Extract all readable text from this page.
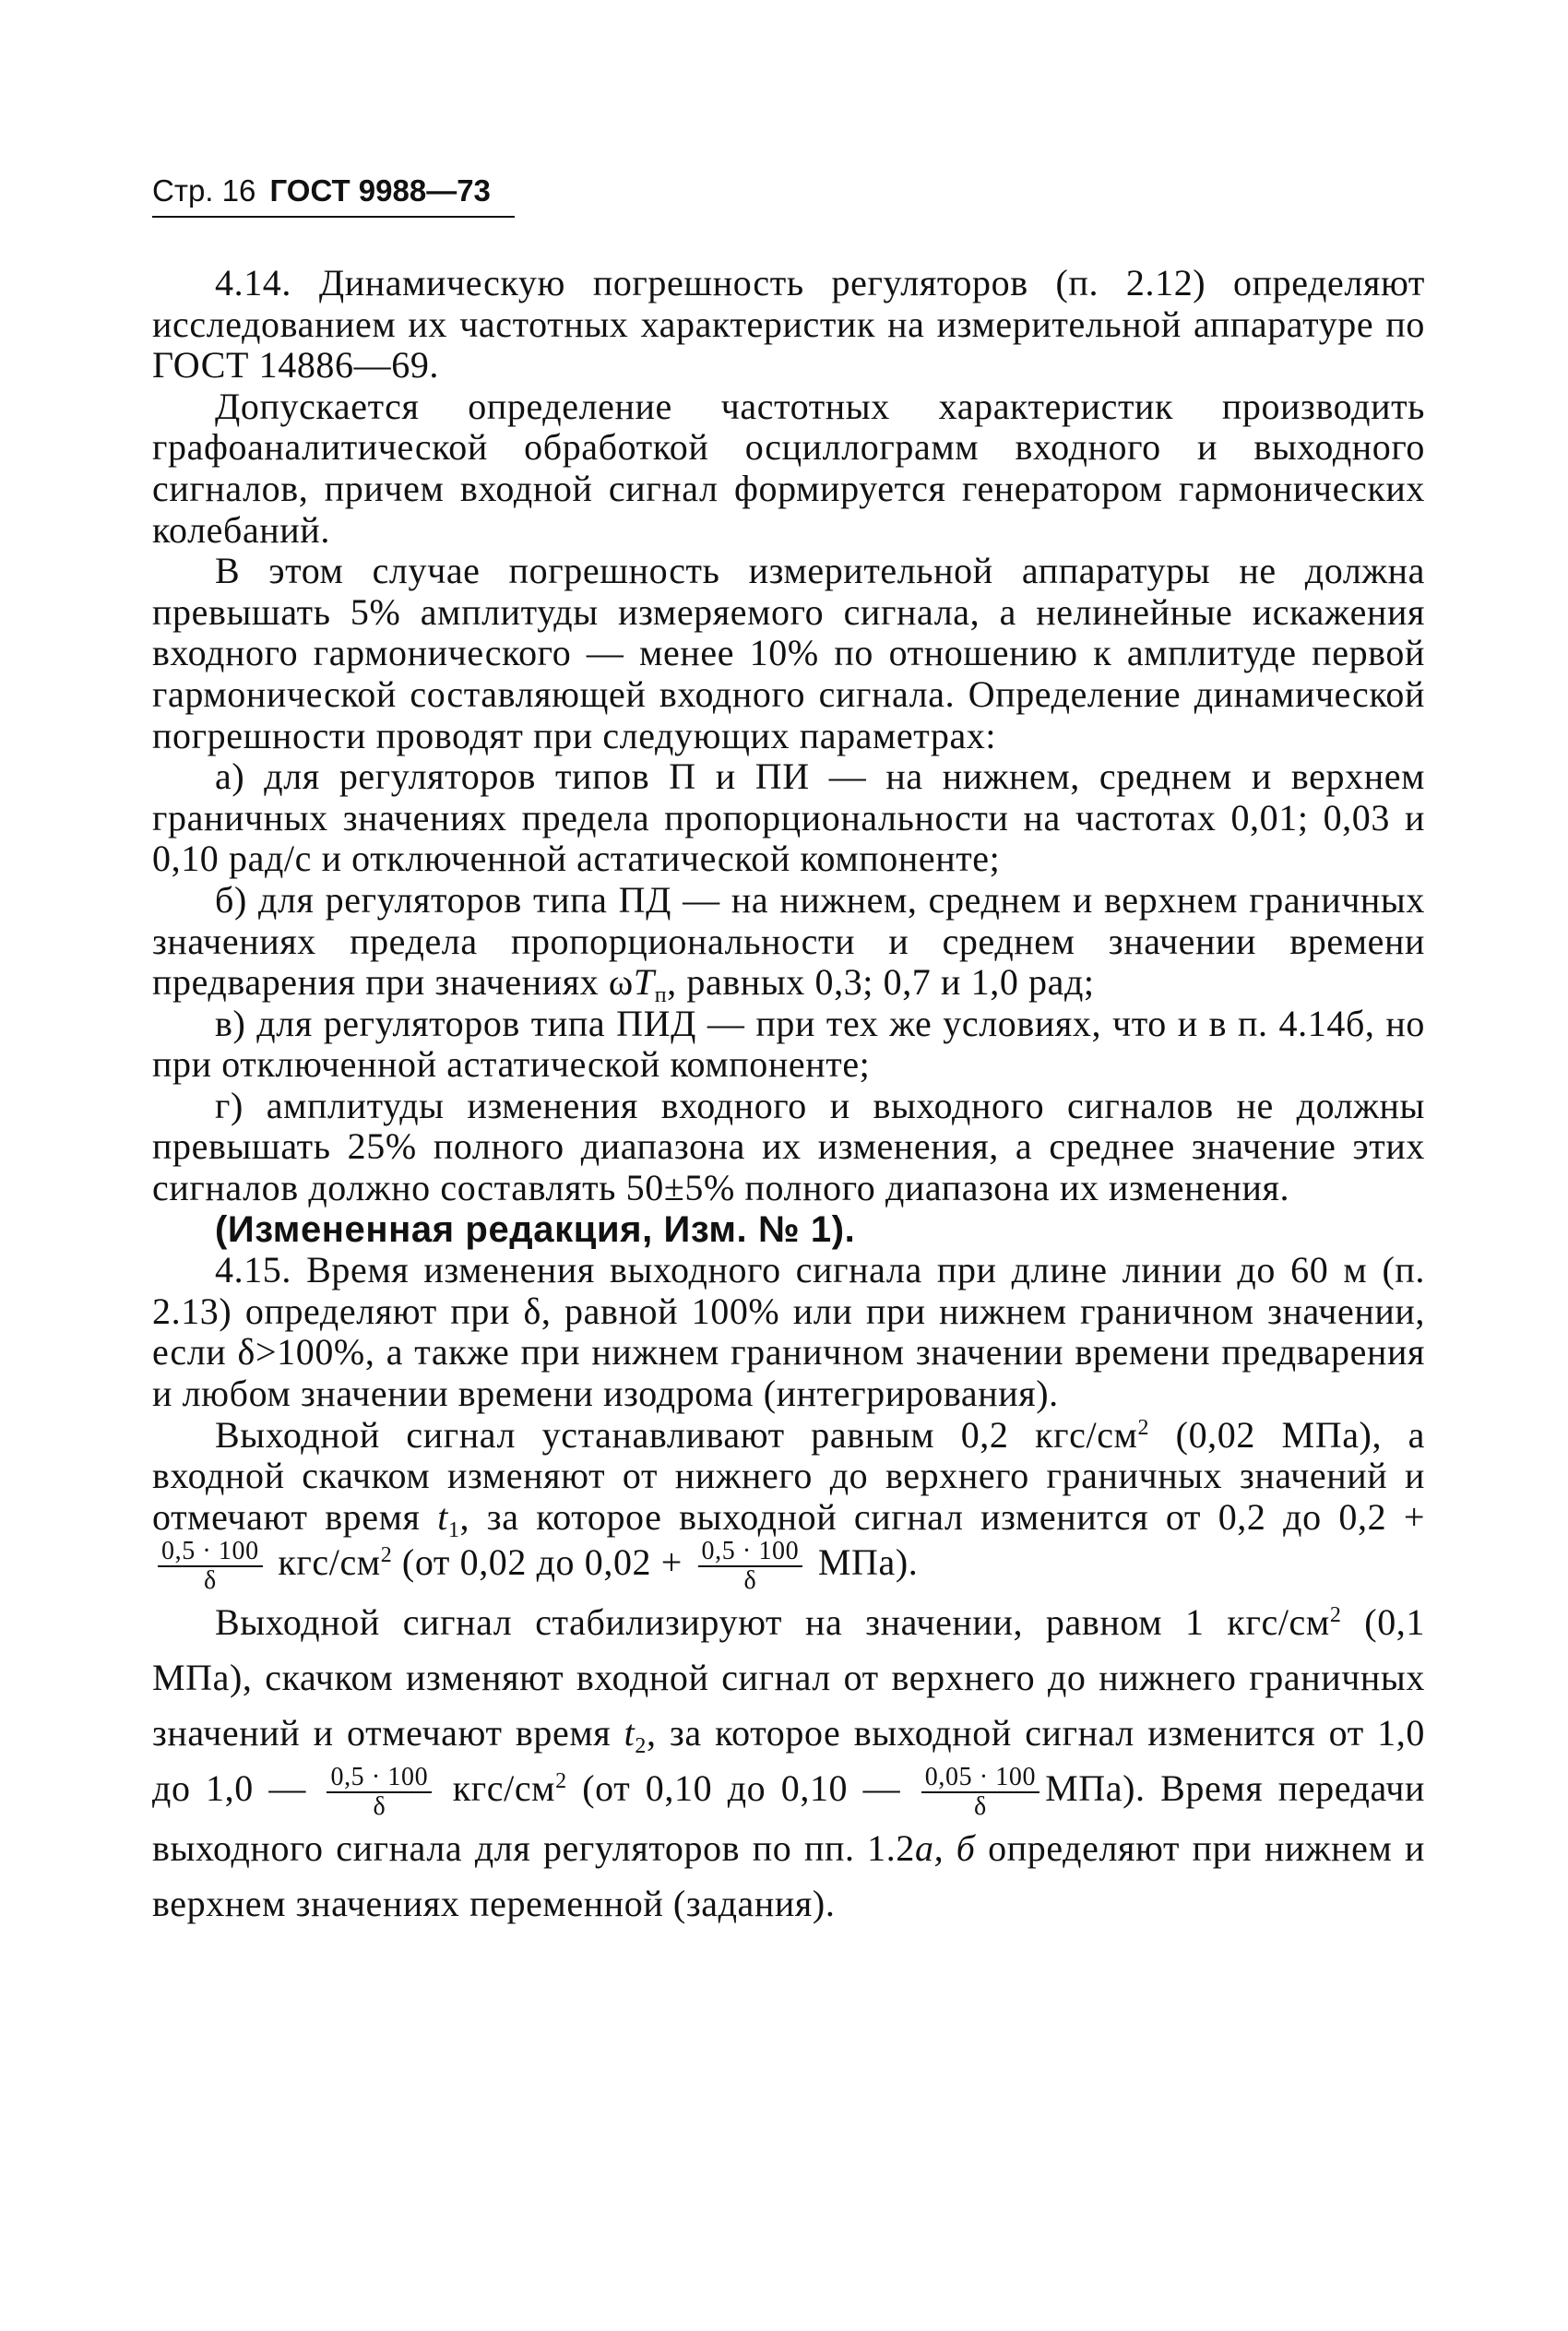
Стр. 16 ГОСТ 9988—73

4.14. Динамическую погрешность регуляторов (п. 2.12) определяют исследованием их частотных характеристик на измерительной аппаратуре по ГОСТ 14886—69.

Допускается определение частотных характеристик производить графоаналитической обработкой осциллограмм входного и выходного сигналов, причем входной сигнал формируется генератором гармонических колебаний.

В этом случае погрешность измерительной аппаратуры не должна превышать 5% амплитуды измеряемого сигнала, а нелинейные искажения входного гармонического — менее 10% по отношению к амплитуде первой гармонической составляющей входного сигнала. Определение динамической погрешности проводят при следующих параметрах:

а) для регуляторов типов П и ПИ — на нижнем, среднем и верхнем граничных значениях предела пропорциональности на частотах 0,01; 0,03 и 0,10 рад/с и отключенной астатической компоненте;

б) для регуляторов типа ПД — на нижнем, среднем и верхнем граничных значениях предела пропорциональности и среднем значении времени предварения при значениях $\omega T_п$, равных 0,3; 0,7 и 1,0 рад;

в) для регуляторов типа ПИД — при тех же условиях, что и в п. 4.14б, но при отключенной астатической компоненте;

г) амплитуды изменения входного и выходного сигналов не должны превышать 25% полного диапазона их изменения, а среднее значение этих сигналов должно составлять 50±5% полного диапазона их изменения.

(Измененная редакция, Изм. № 1).

4.15. Время изменения выходного сигнала при длине линии до 60 м (п. 2.13) определяют при δ, равной 100% или при нижнем граничном значении, если δ>100%, а также при нижнем граничном значении времени предварения и любом значении времени изодрома (интегрирования).

Выходной сигнал устанавливают равным 0,2 кгс/$см^2$ (0,02 МПа), а входной скачком изменяют от нижнего до верхнего граничных значений и отмечают время $t_1$, за которое выходной сигнал изменится от 0,2 до 0,2 +
$\frac{0,5 \cdot 100}{\delta} кгс/см^2$ (от 0,02 до $0,02 + \frac{0,5 \cdot 100}{\delta} МПа$).

Выходной сигнал стабилизируют на значении, равном 1 кгс/$см^2$ (0,1 МПа), скачком изменяют входной сигнал от верхнего до нижнего граничных значений и отмечают время $t_2$, за которое выходной сигнал изменится от 1,0 до 1,0 — $\frac{0,5 \cdot 100}{\delta} кгс/см^2$ (от 0,10 до 0,10 — $\frac{0,05 \cdot 100}{\delta} МПа$). Время передачи выходного сигнала для регуляторов по пп. 1.2а, б определяют при нижнем и верхнем значениях переменной (задания).
